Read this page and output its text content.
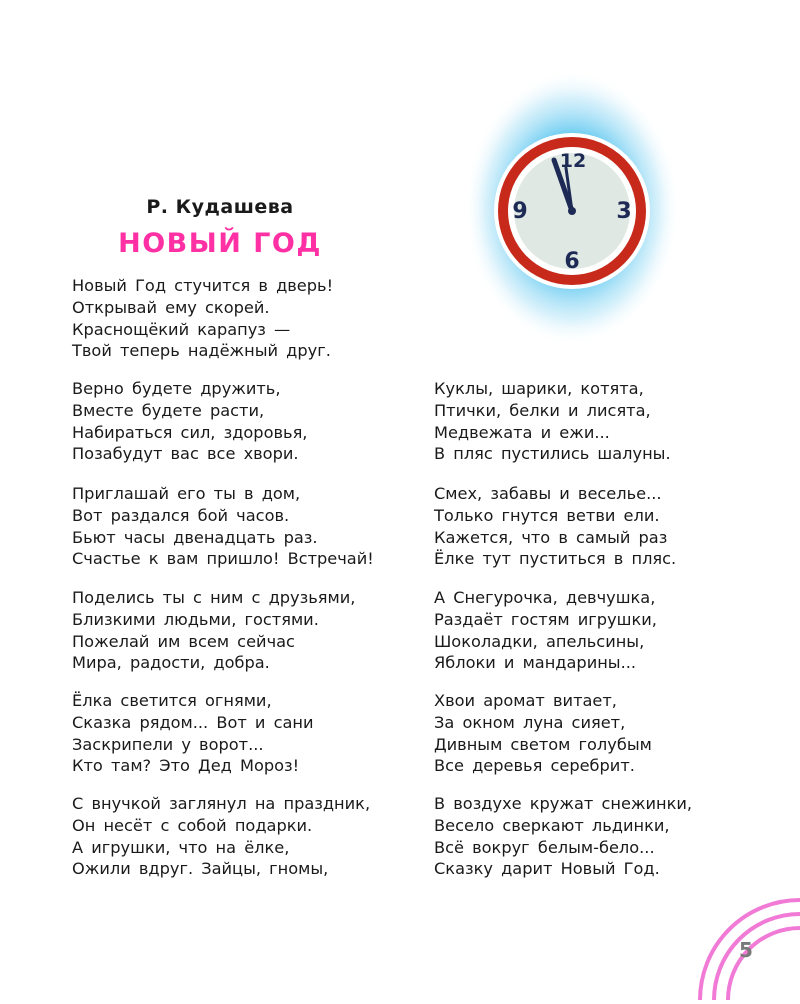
Р. Кудашева
НОВЫЙ ГОД
12
3
6
9
Новый Год стучится в дверь!
Открывай ему скорей.
Краснощёкий карапуз —
Твой теперь надёжный друг.
Верно будете дружить,
Вместе будете расти,
Набираться сил, здоровья,
Позабудут вас все хвори.
Приглашай его ты в дом,
Вот раздался бой часов.
Бьют часы двенадцать раз.
Счастье к вам пришло! Встречай!
Поделись ты с ним с друзьями,
Близкими людьми, гостями.
Пожелай им всем сейчас
Мира, радости, добра.
Ёлка светится огнями,
Сказка рядом... Вот и сани
Заскрипели у ворот...
Кто там? Это Дед Мороз!
С внучкой заглянул на праздник,
Он несёт с собой подарки.
А игрушки, что на ёлке,
Ожили вдруг. Зайцы, гномы,
Куклы, шарики, котята,
Птички, белки и лисята,
Медвежата и ежи...
В пляс пустились шалуны.
Смех, забавы и веселье...
Только гнутся ветви ели.
Кажется, что в самый раз
Ёлке тут пуститься в пляс.
А Снегурочка, девчушка,
Раздаёт гостям игрушки,
Шоколадки, апельсины,
Яблоки и мандарины...
Хвои аромат витает,
За окном луна сияет,
Дивным светом голубым
Все деревья серебрит.
В воздухе кружат снежинки,
Весело сверкают льдинки,
Всё вокруг белым-бело...
Сказку дарит Новый Год.
5
